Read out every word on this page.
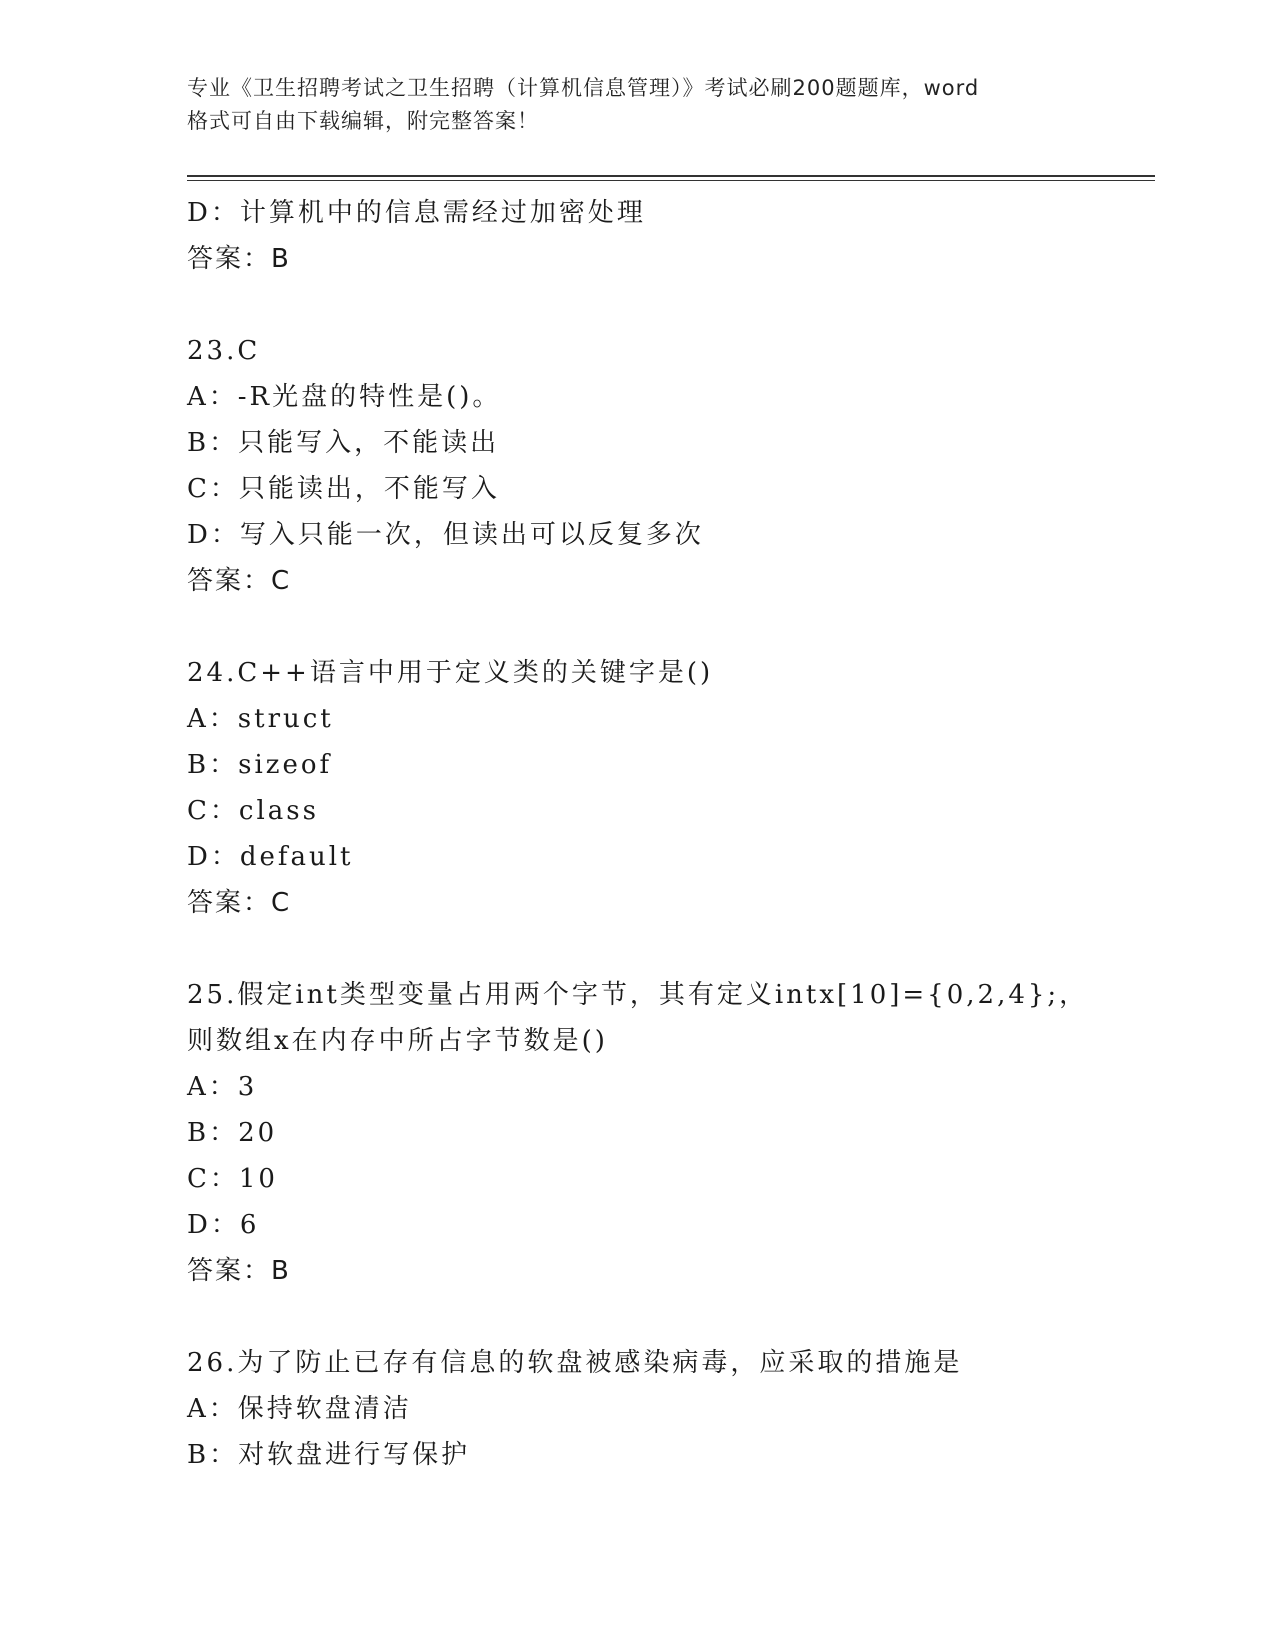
专业《卫生招聘考试之卫生招聘（计算机信息管理）》考试必刷200题题库，word
格式可自由下载编辑，附完整答案！
D：计算机中的信息需经过加密处理
答案：B
23.C
A：-R光盘的特性是()。
B：只能写入，不能读出
C：只能读出，不能写入
D：写入只能一次，但读出可以反复多次
答案：C
24.C++语言中用于定义类的关键字是()
A：struct
B：sizeof
C：class
D：default
答案：C
25.假定int类型变量占用两个字节，其有定义intx[10]={0,2,4};，
则数组x在内存中所占字节数是()
A：3
B：20
C：10
D：6
答案：B
26.为了防止已存有信息的软盘被感染病毒，应采取的措施是
A：保持软盘清洁
B：对软盘进行写保护
